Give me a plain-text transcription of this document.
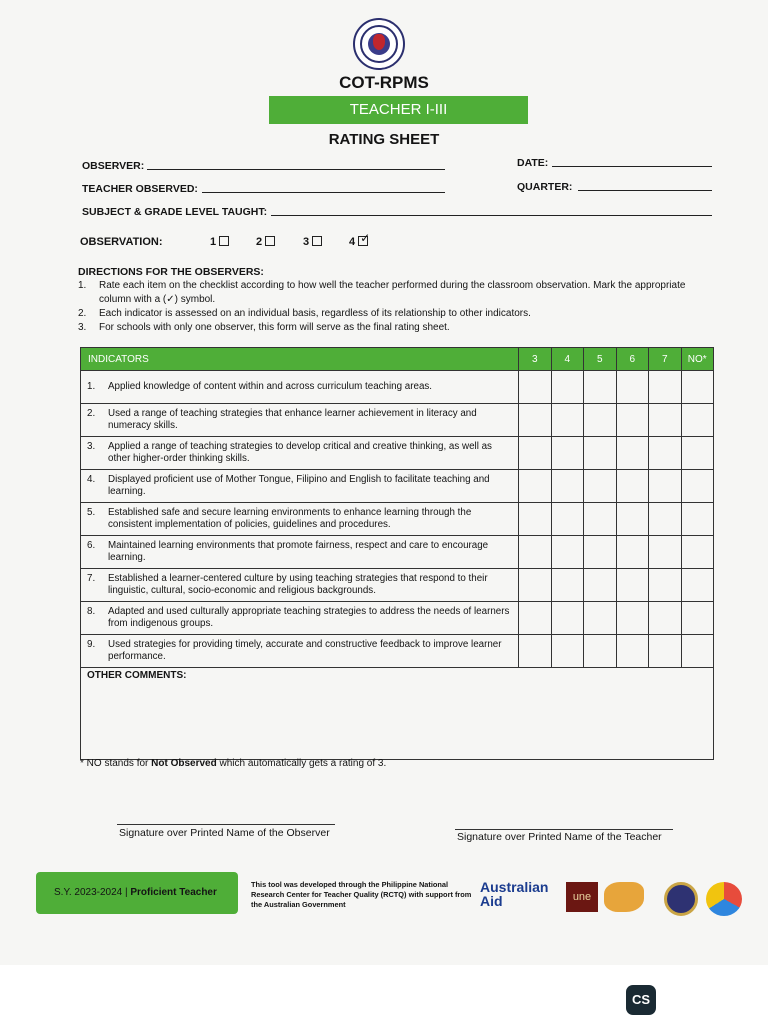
COT-RPMS
TEACHER I-III
RATING SHEET
OBSERVER:	DATE:
TEACHER OBSERVED:	QUARTER:
SUBJECT & GRADE LEVEL TAUGHT:
OBSERVATION:	1	2	3	4✓
DIRECTIONS FOR THE OBSERVERS:
1.	Rate each item on the checklist according to how well the teacher performed during the classroom observation. Mark the appropriate column with a (✓) symbol.
2.	Each indicator is assessed on an individual basis, regardless of its relationship to other indicators.
3.	For schools with only one observer, this form will serve as the final rating sheet.
INDICATORS	3	4	5	6	7	NO*

1. Applied knowledge of content within and across curriculum teaching areas.						

2. Used a range of teaching strategies that enhance learner achievement in literacy and numeracy skills.						

3. Applied a range of teaching strategies to develop critical and creative thinking, as well as other higher-order thinking skills.						

4. Displayed proficient use of Mother Tongue, Filipino and English to facilitate teaching and learning.						

5. Established safe and secure learning environments to enhance learning through the consistent implementation of policies, guidelines and procedures.						

6. Maintained learning environments that promote fairness, respect and care to encourage learning.						

7. Established a learner-centered culture by using teaching strategies that respond to their linguistic, cultural, socio-economic and religious backgrounds.						

8. Adapted and used culturally appropriate teaching strategies to address the needs of learners from indigenous groups.						

9. Used strategies for providing timely, accurate and constructive feedback to improve learner performance.						

OTHER COMMENTS:						
* NO stands for Not Observed which automatically gets a rating of 3.
Signature over Printed Name of the Observer	Signature over Printed Name of the Teacher
S.Y. 2023-2024 | Proficient Teacher
This tool was developed through the Philippine National Research Center for Teacher Quality (RCTQ) with support from the Australian Government
Australian
Aid	une
CS
